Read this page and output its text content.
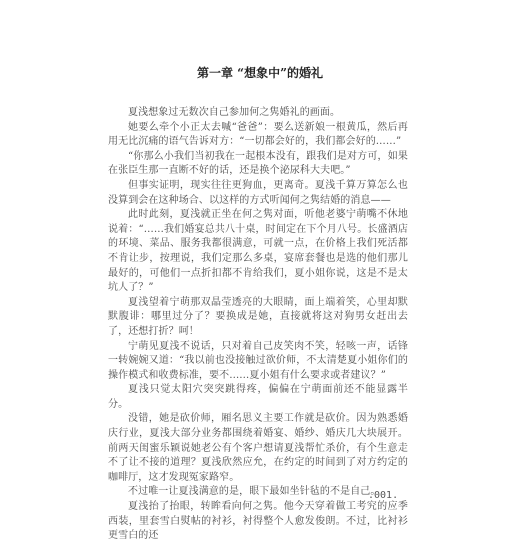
第一章 “想象中”的婚礼

夏浅想象过无数次自己参加何之隽婚礼的画面。

她要么牵个小正太去喊“爸爸”：要么送新娘一根黄瓜，然后再用无比沉痛的语气告诉对方：“一切都会好的，我们都会好的……”

“你那么小我们当初我在一起根本没有，跟我们是对方可，如果在张臣生那一直断不好的话，还是换个泌尿科大夫吧。”

但事实证明，现实往往更狗血，更离奇。夏浅千算万算怎么也没算到会在这种场合、以这样的方式听闻何之隽结婚的消息——

此时此刻，夏浅就正坐在何之隽对面，听他老婆宁萌嘴不休地说着：“……我们婚宴总共八十桌，时间定在下个月八号。长盛酒店的环境、菜品、服务我都很满意，可就一点，在价格上我们死活都不肯让步，按理说，我们定那么多桌，宴席套餐也是选的他们那儿最好的，可他们一点折扣都不肯给我们，夏小姐你说，这是不是太坑人了？”

夏浅望着宁萌那双晶莹透亮的大眼睛，面上端着笑，心里却默默腹诽：哪里过分了？要换成是她，直接就将这对狗男女赶出去了，还想打折？呵！

宁萌见夏浅不说话，只对着自己皮笑肉不笑，轻咳一声，话锋一转婉婉又道：“我以前也没接触过欲价师，不太清楚夏小姐你们的操作模式和收费标准，要不……夏小姐有什么要求或者建议？”

夏浅只觉太阳穴突突跳得疼，偏偏在宁萌面前还不能显露半分。

没错，她是砍价师，厢名思义主要工作就是砍价。因为熟悉婚庆行业，夏浅大部分业务都围绕着婚宴、婚纱、婚庆几大块展开。前两天闺蜜乐颖说她老公有个客户想请夏浅帮忙杀价，有个生意走不了让不接的道理？夏浅欣然应允，在约定的时间到了对方约定的咖啡厅，这才发现冤家路窄。

不过唯一让夏浅满意的是，眼下最如坐针毡的不是自己。

夏浅抬了抬眼，转眸看向何之隽。他今天穿着做工考究的应季西装，里套雪白熨帖的衬衫，衬得整个人愈发俊朗。不过，比衬衫更雪白的还

.001.
